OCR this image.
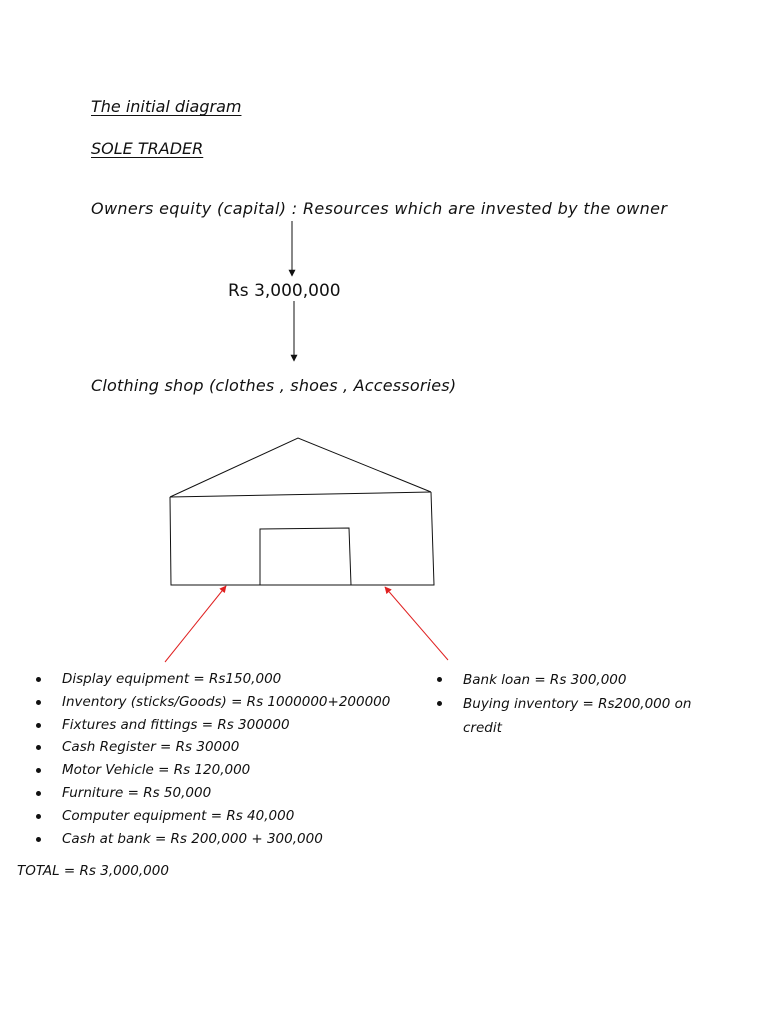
The initial diagram
SOLE TRADER
Owners equity (capital) : Resources which are invested by the owner
Rs 3,000,000
Clothing shop (clothes , shoes , Accessories)
Display equipment = Rs150,000
Inventory (sticks/Goods) = Rs 1000000+200000
Fixtures and fittings = Rs 300000
Cash Register = Rs 30000
Motor Vehicle = Rs 120,000
Furniture = Rs 50,000
Computer equipment = Rs 40,000
Cash at bank = Rs 200,000 + 300,000
Bank loan = Rs 300,000
Buying inventory = Rs200,000 on credit
TOTAL = Rs 3,000,000
